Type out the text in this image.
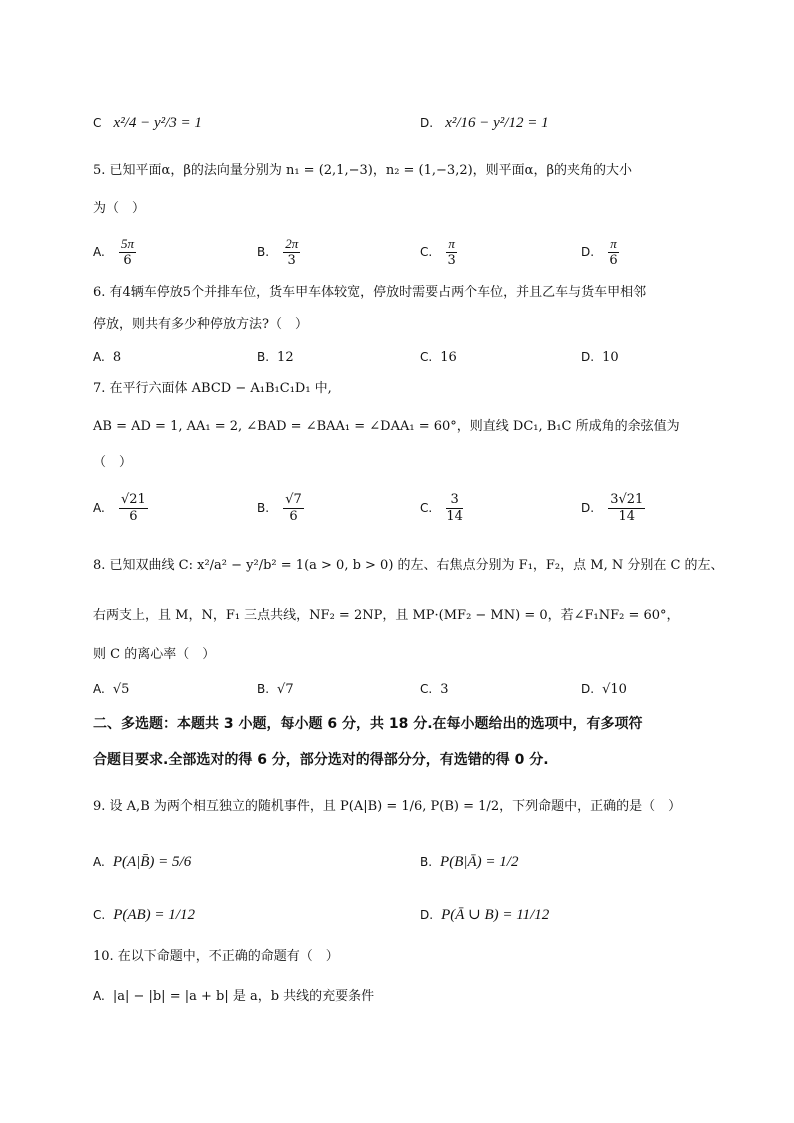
C x²/4 − y²/3 = 1	D. x²/16 − y²/12 = 1
5. 已知平面α，β的法向量分别为 n₁ = (2,1,−3)，n₂ = (1,−3,2)，则平面α，β的夹角的大小
为（　）
A. $\frac{5\pi}{6}$	B. $\frac{2\pi}{3}$	C. $\frac{\pi}{3}$	D. $\frac{\pi}{6}$
6. 有4辆车停放5个并排车位，货车甲车体较宽，停放时需要占两个车位，并且乙车与货车甲相邻
停放，则共有多少种停放方法?（　）
A. 8	B. 12	C. 16	D. 10
7. 在平行六面体 ABCD − A₁B₁C₁D₁ 中,
AB = AD = 1, AA₁ = 2, ∠BAD = ∠BAA₁ = ∠DAA₁ = 60°，则直线 DC₁, B₁C 所成角的余弦值为
（　）
A. $\frac{√21}{6}$	B. $\frac{√7}{6}$	C. $\frac{3}{14}$	D. $\frac{3√21}{14}$
8. 已知双曲线 C: x²/a² − y²/b² = 1(a > 0, b > 0) 的左、右焦点分别为 F₁，F₂，点 M, N 分别在 C 的左、
右两支上，且 M，N，F₁ 三点共线，NF₂ = 2NP，且 MP·(MF₂ − MN) = 0，若∠F₁NF₂ = 60°，
则 C 的离心率（　）
A. √5	B. √7	C. 3	D. √10
二、多选题：本题共 3 小题，每小题 6 分，共 18 分.在每小题给出的选项中，有多项符
合题目要求.全部选对的得 6 分，部分选对的得部分分，有选错的得 0 分.
9. 设 A,B 为两个相互独立的随机事件，且 P(A|B) = 1/6, P(B) = 1/2，下列命题中，正确的是（　）
A. P(A|B̄) = 5/6	B. P(B|Ā) = 1/2
C. P(AB) = 1/12	D. P(Ā ∪ B) = 11/12
10. 在以下命题中，不正确的命题有（　）
A. |a| − |b| = |a + b| 是 a，b 共线的充要条件
